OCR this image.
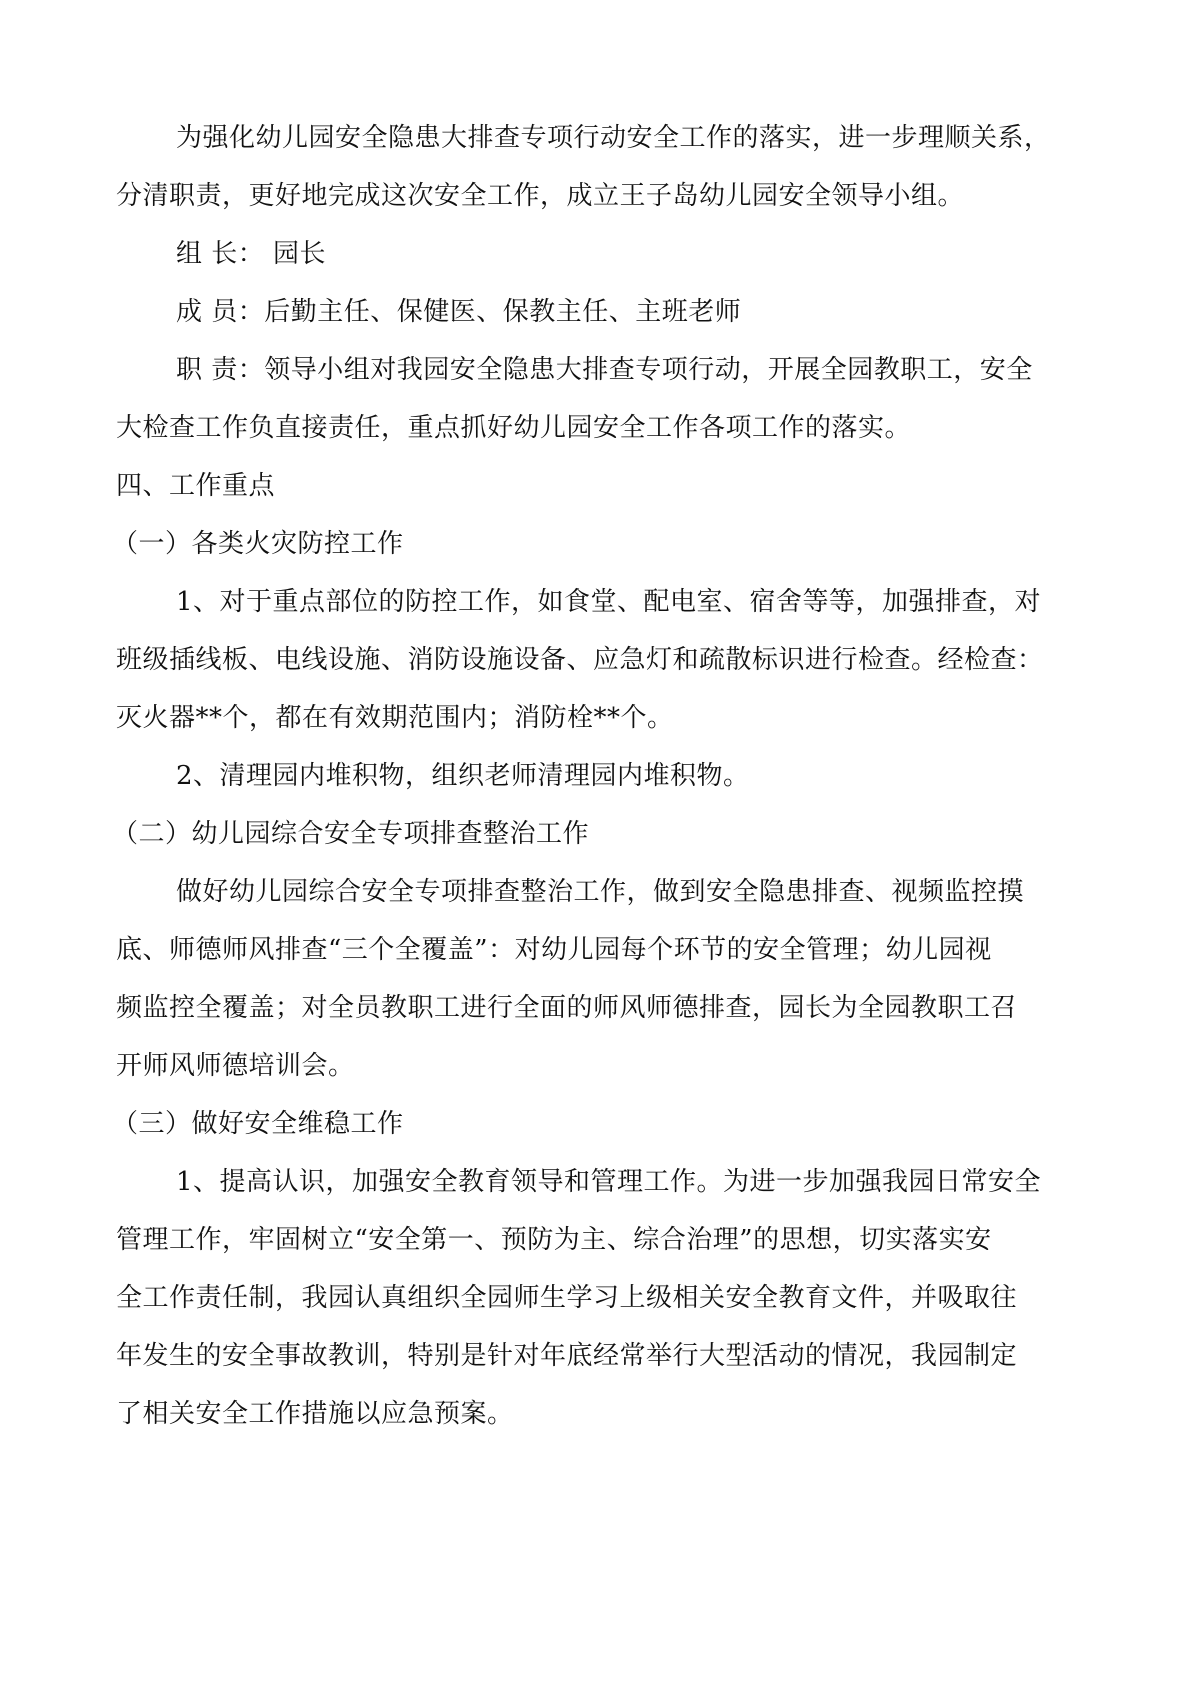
为强化幼儿园安全隐患大排查专项行动安全工作的落实，进一步理顺关系，
分清职责，更好地完成这次安全工作，成立王子岛幼儿园安全领导小组。
组 长： 园长
成 员：后勤主任、保健医、保教主任、主班老师
职 责：领导小组对我园安全隐患大排查专项行动，开展全园教职工，安全
大检查工作负直接责任，重点抓好幼儿园安全工作各项工作的落实。
四、工作重点
（一）各类火灾防控工作
1、对于重点部位的防控工作，如食堂、配电室、宿舍等等，加强排查，对
班级插线板、电线设施、消防设施设备、应急灯和疏散标识进行检查。经检查：
灭火器**个，都在有效期范围内；消防栓**个。
2、清理园内堆积物，组织老师清理园内堆积物。
（二）幼儿园综合安全专项排查整治工作
做好幼儿园综合安全专项排查整治工作，做到安全隐患排查、视频监控摸
底、师德师风排查“三个全覆盖”：对幼儿园每个环节的安全管理；幼儿园视
频监控全覆盖；对全员教职工进行全面的师风师德排查，园长为全园教职工召
开师风师德培训会。
（三）做好安全维稳工作
1、提高认识，加强安全教育领导和管理工作。为进一步加强我园日常安全
管理工作，牢固树立“安全第一、预防为主、综合治理”的思想，切实落实安
全工作责任制，我园认真组织全园师生学习上级相关安全教育文件，并吸取往
年发生的安全事故教训，特别是针对年底经常举行大型活动的情况，我园制定
了相关安全工作措施以应急预案。
